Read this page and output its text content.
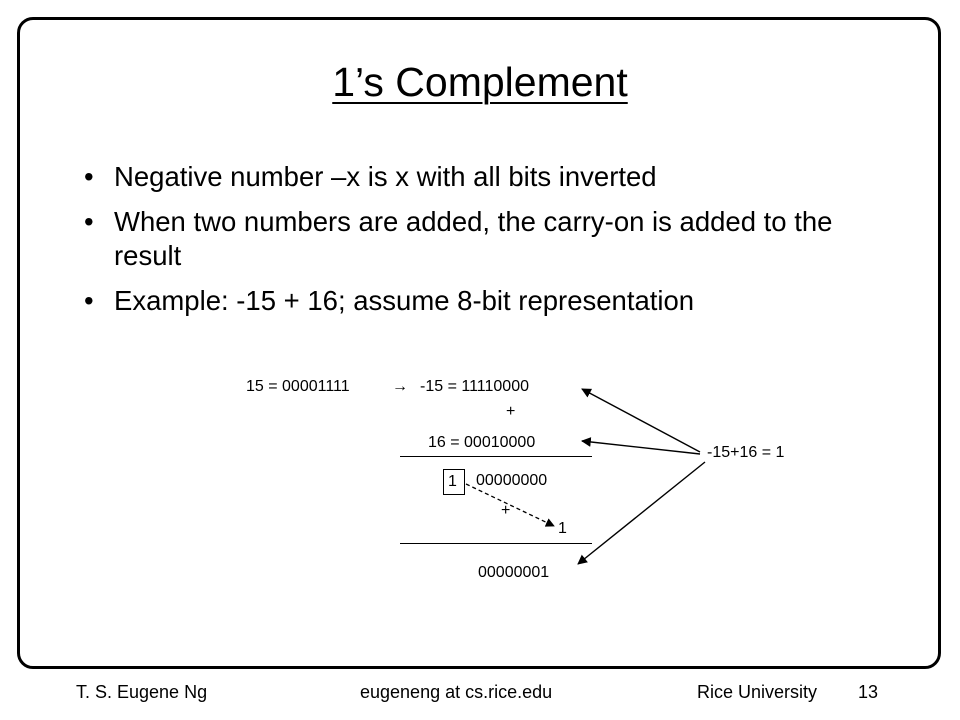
1’s Complement
• Negative number –x is x with all bits inverted
• When two numbers are added, the carry-on is added to the result
• Example: -15 + 16; assume 8-bit representation
15 = 00001111	→ -15 = 11110000
+
16 = 00010000
1 00000000
+
1
00000001
-15+16 = 1
T. S. Eugene Ng	eugeneng at cs.rice.edu	Rice University 13
